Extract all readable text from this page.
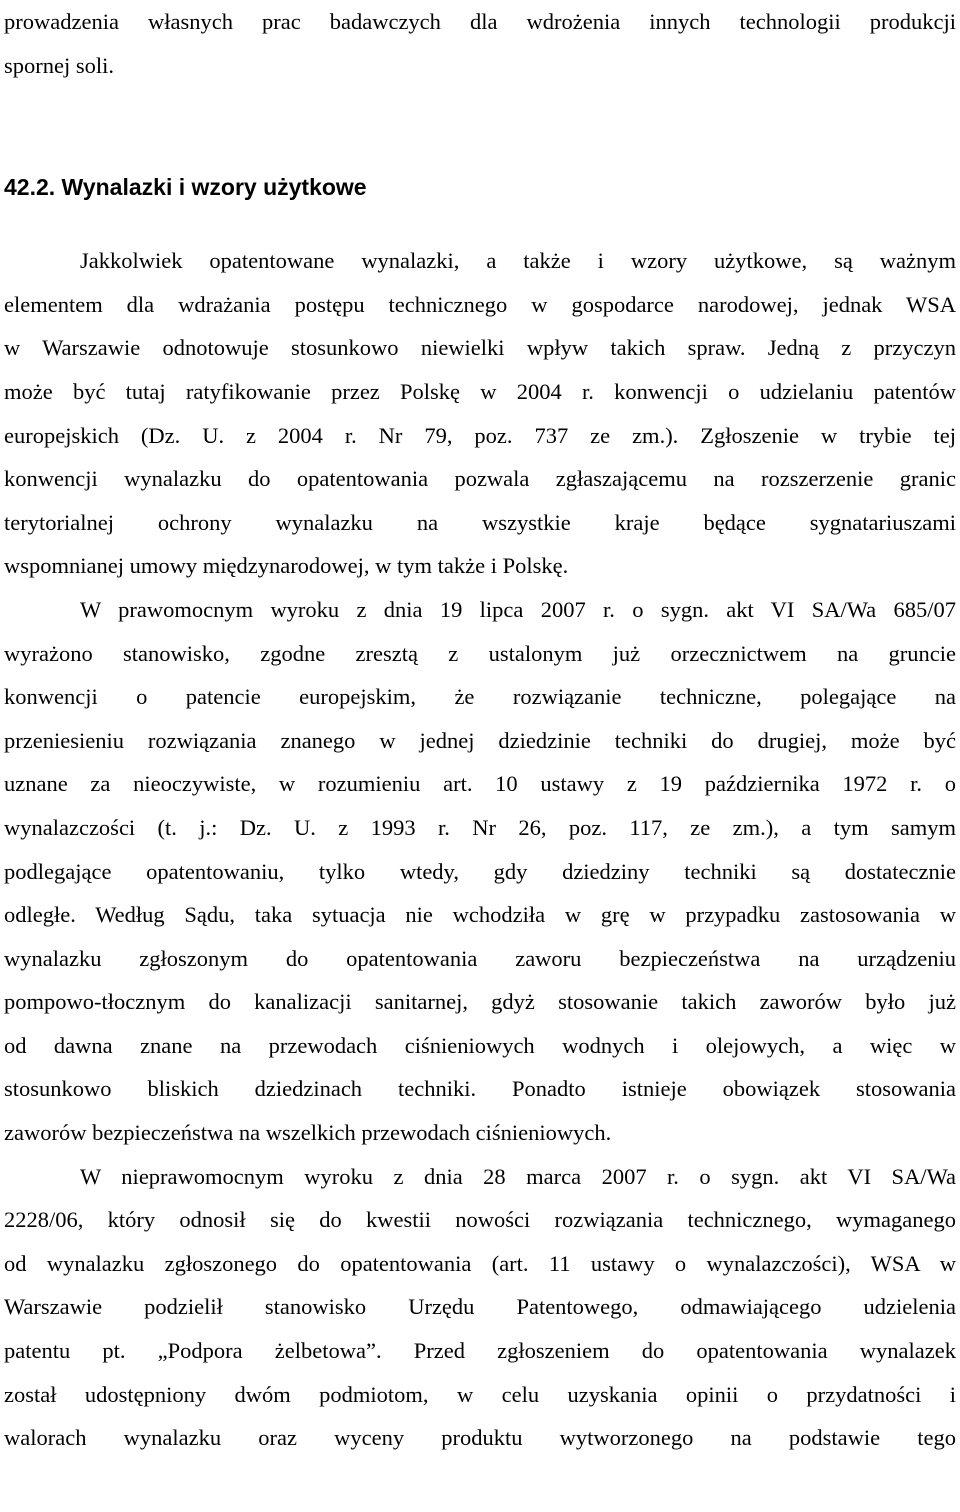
prowadzenia własnych prac badawczych dla wdrożenia innych technologii produkcji

spornej soli.

42.2. Wynalazki i wzory użytkowe

Jakkolwiek opatentowane wynalazki, a także i wzory użytkowe, są ważnym

elementem dla wdrażania postępu technicznego w gospodarce narodowej, jednak WSA

w Warszawie odnotowuje stosunkowo niewielki wpływ takich spraw. Jedną z przyczyn

może być tutaj ratyfikowanie przez Polskę w 2004 r. konwencji o udzielaniu patentów

europejskich (Dz. U. z 2004 r. Nr 79, poz. 737 ze zm.). Zgłoszenie w trybie tej

konwencji wynalazku do opatentowania pozwala zgłaszającemu na rozszerzenie granic

terytorialnej ochrony wynalazku na wszystkie kraje będące sygnatariuszami

wspomnianej umowy międzynarodowej, w tym także i Polskę.

W prawomocnym wyroku z dnia 19 lipca 2007 r. o sygn. akt VI SA/Wa 685/07

wyrażono stanowisko, zgodne zresztą z ustalonym już orzecznictwem na gruncie

konwencji o patencie europejskim, że rozwiązanie techniczne, polegające na

przeniesieniu rozwiązania znanego w jednej dziedzinie techniki do drugiej, może być

uznane za nieoczywiste, w rozumieniu art. 10 ustawy z 19 października 1972 r. o

wynalazczości (t. j.: Dz. U. z 1993 r. Nr 26, poz. 117, ze zm.), a tym samym

podlegające opatentowaniu, tylko wtedy, gdy dziedziny techniki są dostatecznie

odległe. Według Sądu, taka sytuacja nie wchodziła w grę w przypadku zastosowania w

wynalazku zgłoszonym do opatentowania zaworu bezpieczeństwa na urządzeniu

pompowo-tłocznym do kanalizacji sanitarnej, gdyż stosowanie takich zaworów było już

od dawna znane na przewodach ciśnieniowych wodnych i olejowych, a więc w

stosunkowo bliskich dziedzinach techniki. Ponadto istnieje obowiązek stosowania

zaworów bezpieczeństwa na wszelkich przewodach ciśnieniowych.

W nieprawomocnym wyroku z dnia 28 marca 2007 r. o sygn. akt VI SA/Wa

2228/06, który odnosił się do kwestii nowości rozwiązania technicznego, wymaganego

od wynalazku zgłoszonego do opatentowania (art. 11 ustawy o wynalazczości), WSA w

Warszawie podzielił stanowisko Urzędu Patentowego, odmawiającego udzielenia

patentu pt. „Podpora żelbetowa”. Przed zgłoszeniem do opatentowania wynalazek

został udostępniony dwóm podmiotom, w celu uzyskania opinii o przydatności i

walorach wynalazku oraz wyceny produktu wytworzonego na podstawie tego
